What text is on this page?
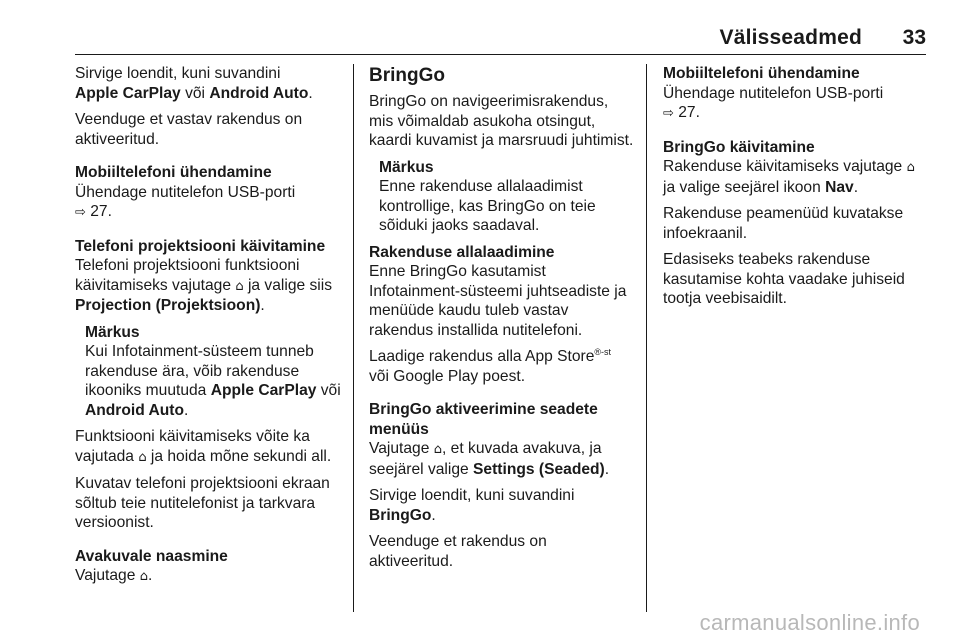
Välisseadmed 33

Sirvige loendit, kuni suvandini
Apple CarPlay või Android Auto.

Veenduge et vastav rakendus on aktiveeritud.

Mobiiltelefoni ühendamine

Ühendage nutitelefon USB-porti
⇨ 27.

Telefoni projektsiooni käivitamine

Telefoni projektsiooni funktsiooni käivitamiseks vajutage ⌂ ja valige siis Projection (Projektsioon).

Märkus
Kui Infotainment-süsteem tunneb rakenduse ära, võib rakenduse ikooniks muutuda Apple CarPlay või Android Auto.

Funktsiooni käivitamiseks võite ka vajutada ⌂ ja hoida mõne sekundi all.

Kuvatav telefoni projektsiooni ekraan sõltub teie nutitelefonist ja tarkvara versioonist.

Avakuvale naasmine

Vajutage ⌂.

BringGo

BringGo on navigeerimisrakendus, mis võimaldab asukoha otsingut, kaardi kuvamist ja marsruudi juhtimist.

Märkus
Enne rakenduse allalaadimist kontrollige, kas BringGo on teie sõiduki jaoks saadaval.

Rakenduse allalaadimine

Enne BringGo kasutamist Infotainment-süsteemi juhtseadiste ja menüüde kaudu tuleb vastav rakendus installida nutitelefoni.

Laadige rakendus alla App Store$^{®-st}$
või Google Play poest.

BringGo aktiveerimine seadete menüüs

Vajutage ⌂, et kuvada avakuva, ja seejärel valige Settings (Seaded).

Sirvige loendit, kuni suvandini
BringGo.

Veenduge et rakendus on aktiveeritud.

Mobiiltelefoni ühendamine

Ühendage nutitelefon USB-porti
⇨ 27.

BringGo käivitamine

Rakenduse käivitamiseks vajutage ⌂ ja valige seejärel ikoon Nav.

Rakenduse peamenüüd kuvatakse infoekraanil.

Edasiseks teabeks rakenduse kasutamise kohta vaadake juhiseid tootja veebisaidilt.

carmanualsonline.info
